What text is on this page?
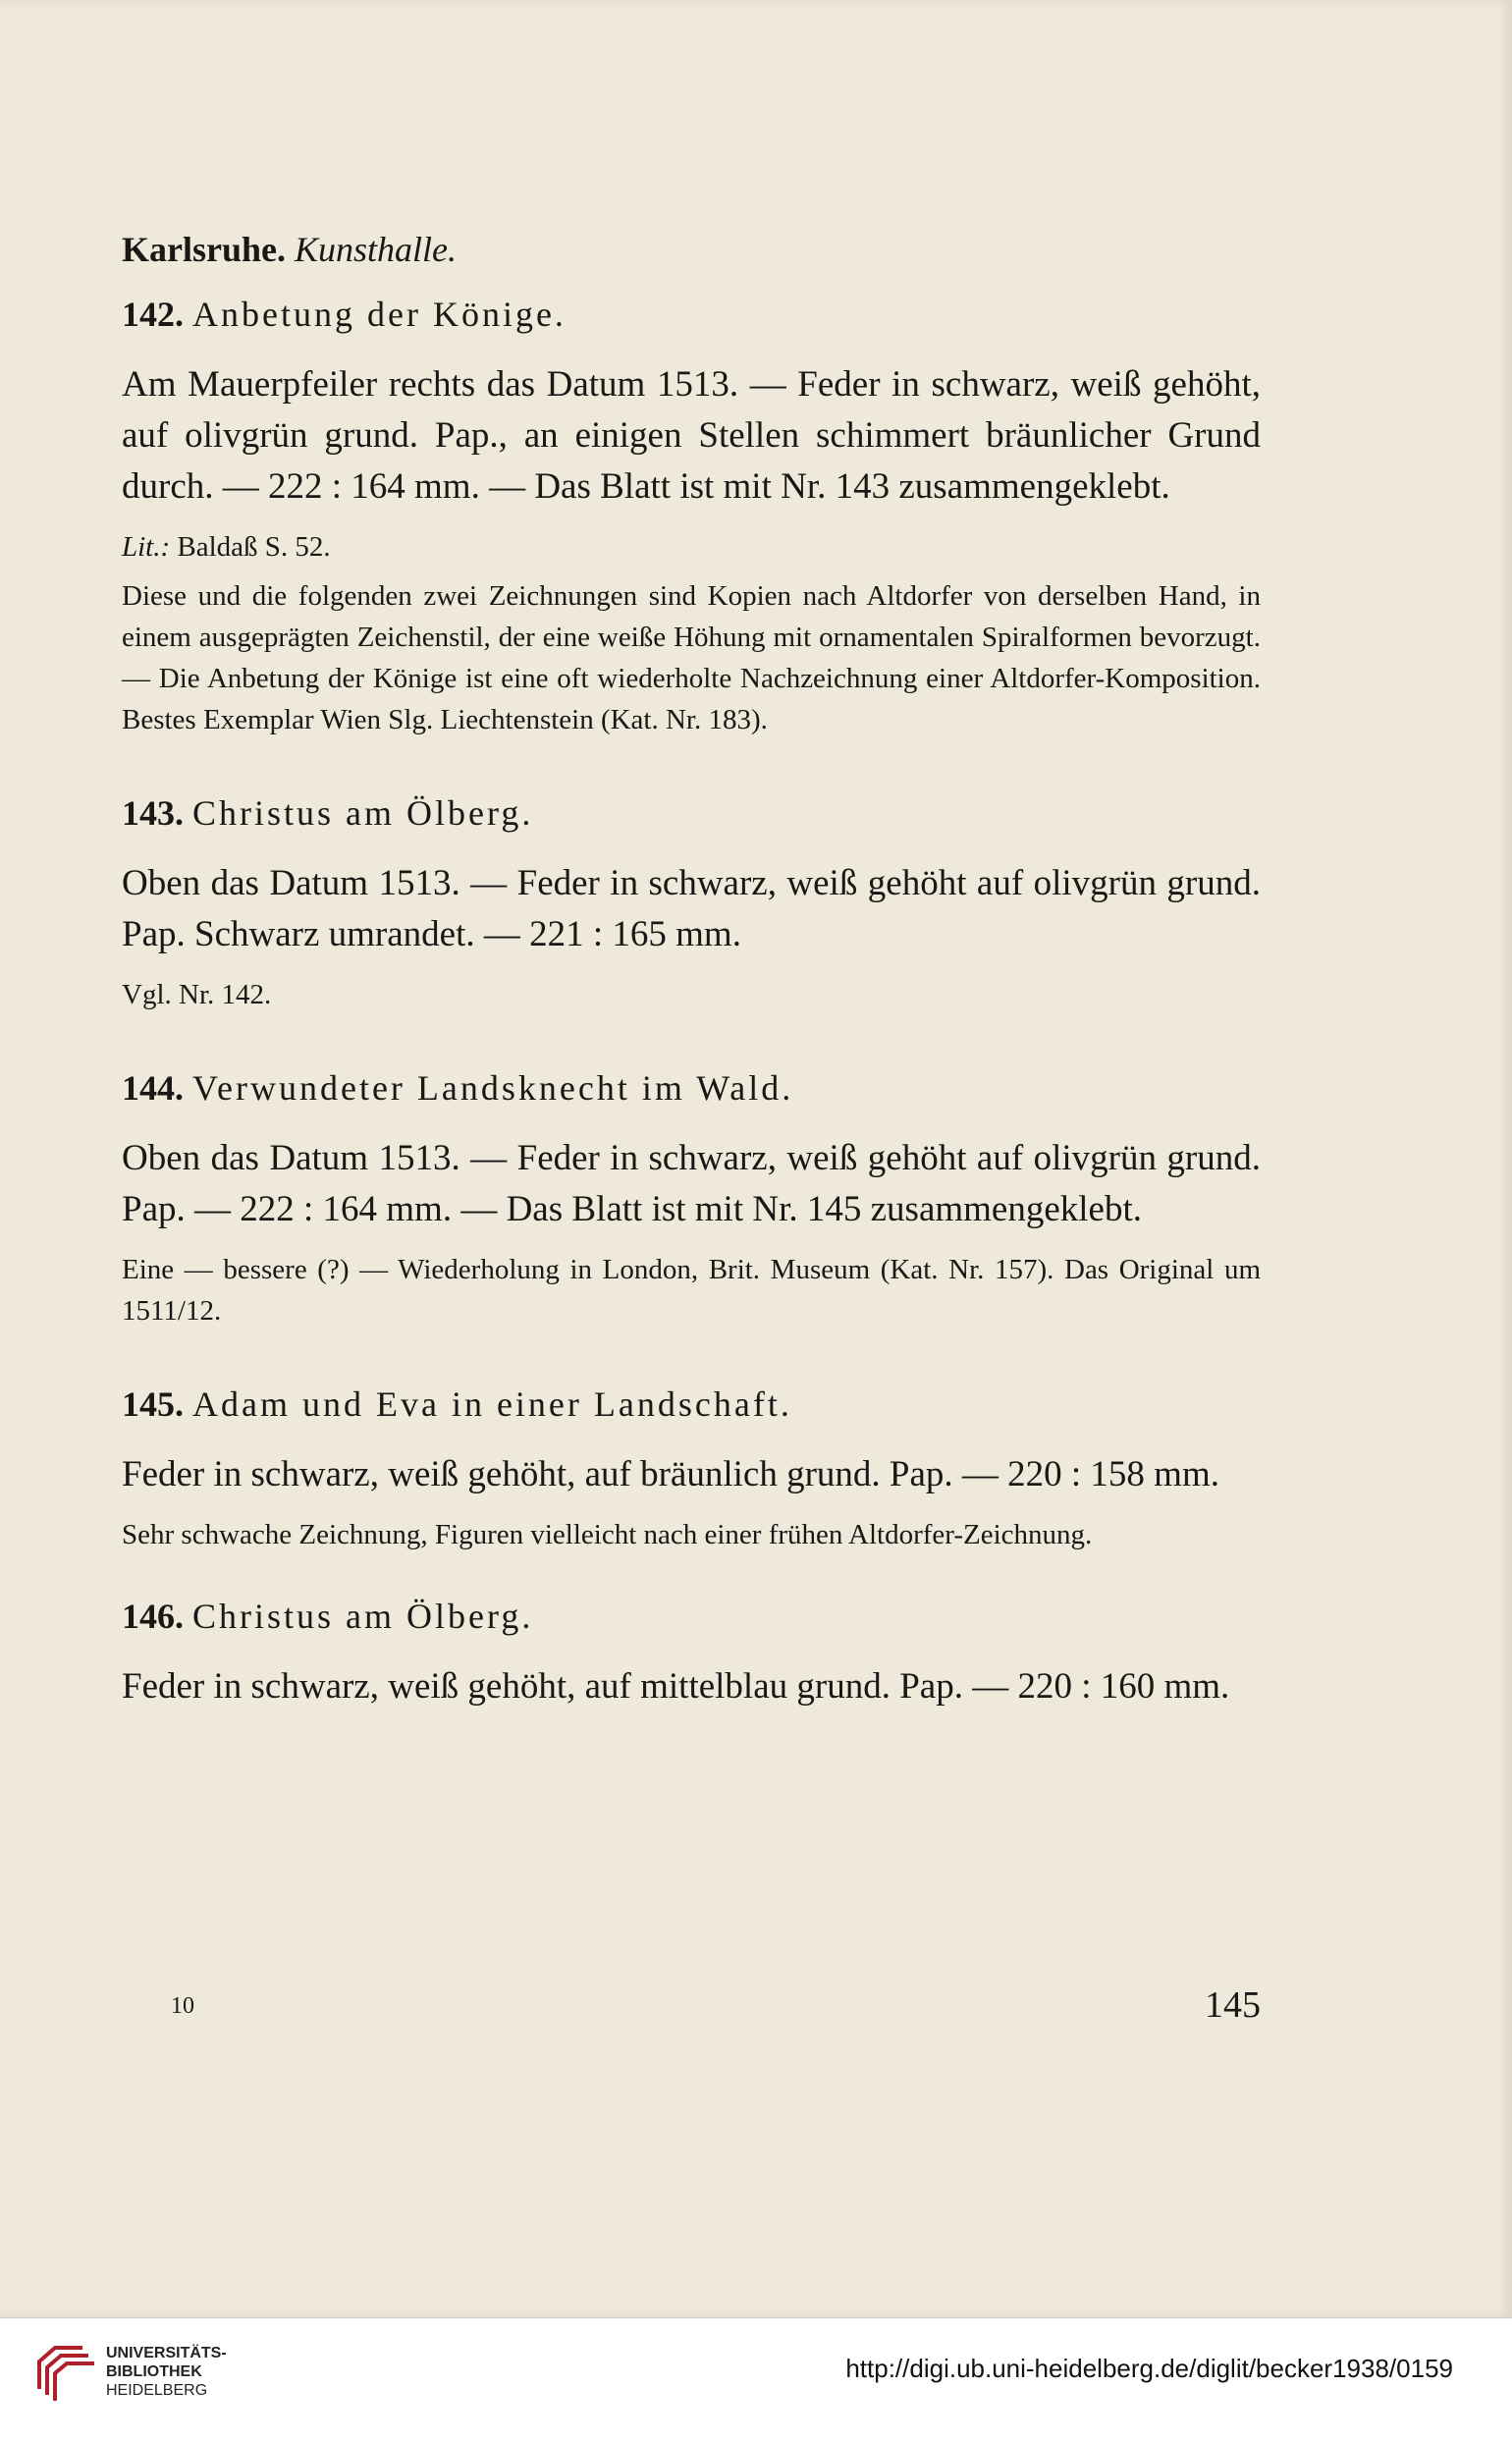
Karlsruhe. Kunsthalle.
142. Anbetung der Könige.

Am Mauerpfeiler rechts das Datum 1513. — Feder in schwarz, weiß gehöht, auf olivgrün grund. Pap., an einigen Stellen schimmert bräunlicher Grund durch. — 222 : 164 mm. — Das Blatt ist mit Nr. 143 zusammengeklebt.

Lit.: Baldaß S. 52.

Diese und die folgenden zwei Zeichnungen sind Kopien nach Altdorfer von derselben Hand, in einem ausgeprägten Zeichenstil, der eine weiße Höhung mit ornamentalen Spiralformen bevorzugt. — Die Anbetung der Könige ist eine oft wiederholte Nachzeichnung einer Altdorfer-Komposition. Bestes Exemplar Wien Slg. Liechtenstein (Kat. Nr. 183).

143. Christus am Ölberg.

Oben das Datum 1513. — Feder in schwarz, weiß gehöht auf olivgrün grund. Pap. Schwarz umrandet. — 221 : 165 mm.

Vgl. Nr. 142.

144. Verwundeter Landsknecht im Wald.

Oben das Datum 1513. — Feder in schwarz, weiß gehöht auf olivgrün grund. Pap. — 222 : 164 mm. — Das Blatt ist mit Nr. 145 zusammengeklebt.

Eine — bessere (?) — Wiederholung in London, Brit. Museum (Kat. Nr. 157). Das Original um 1511/12.

145. Adam und Eva in einer Landschaft.

Feder in schwarz, weiß gehöht, auf bräunlich grund. Pap. — 220 : 158 mm.

Sehr schwache Zeichnung, Figuren vielleicht nach einer frühen Altdorfer-Zeichnung.

146. Christus am Ölberg.

Feder in schwarz, weiß gehöht, auf mittelblau grund. Pap. — 220 : 160 mm.

10	145
UNIVERSITÄTS-
BIBLIOTHEK
HEIDELBERG
http://digi.ub.uni-heidelberg.de/diglit/becker1938/0159
